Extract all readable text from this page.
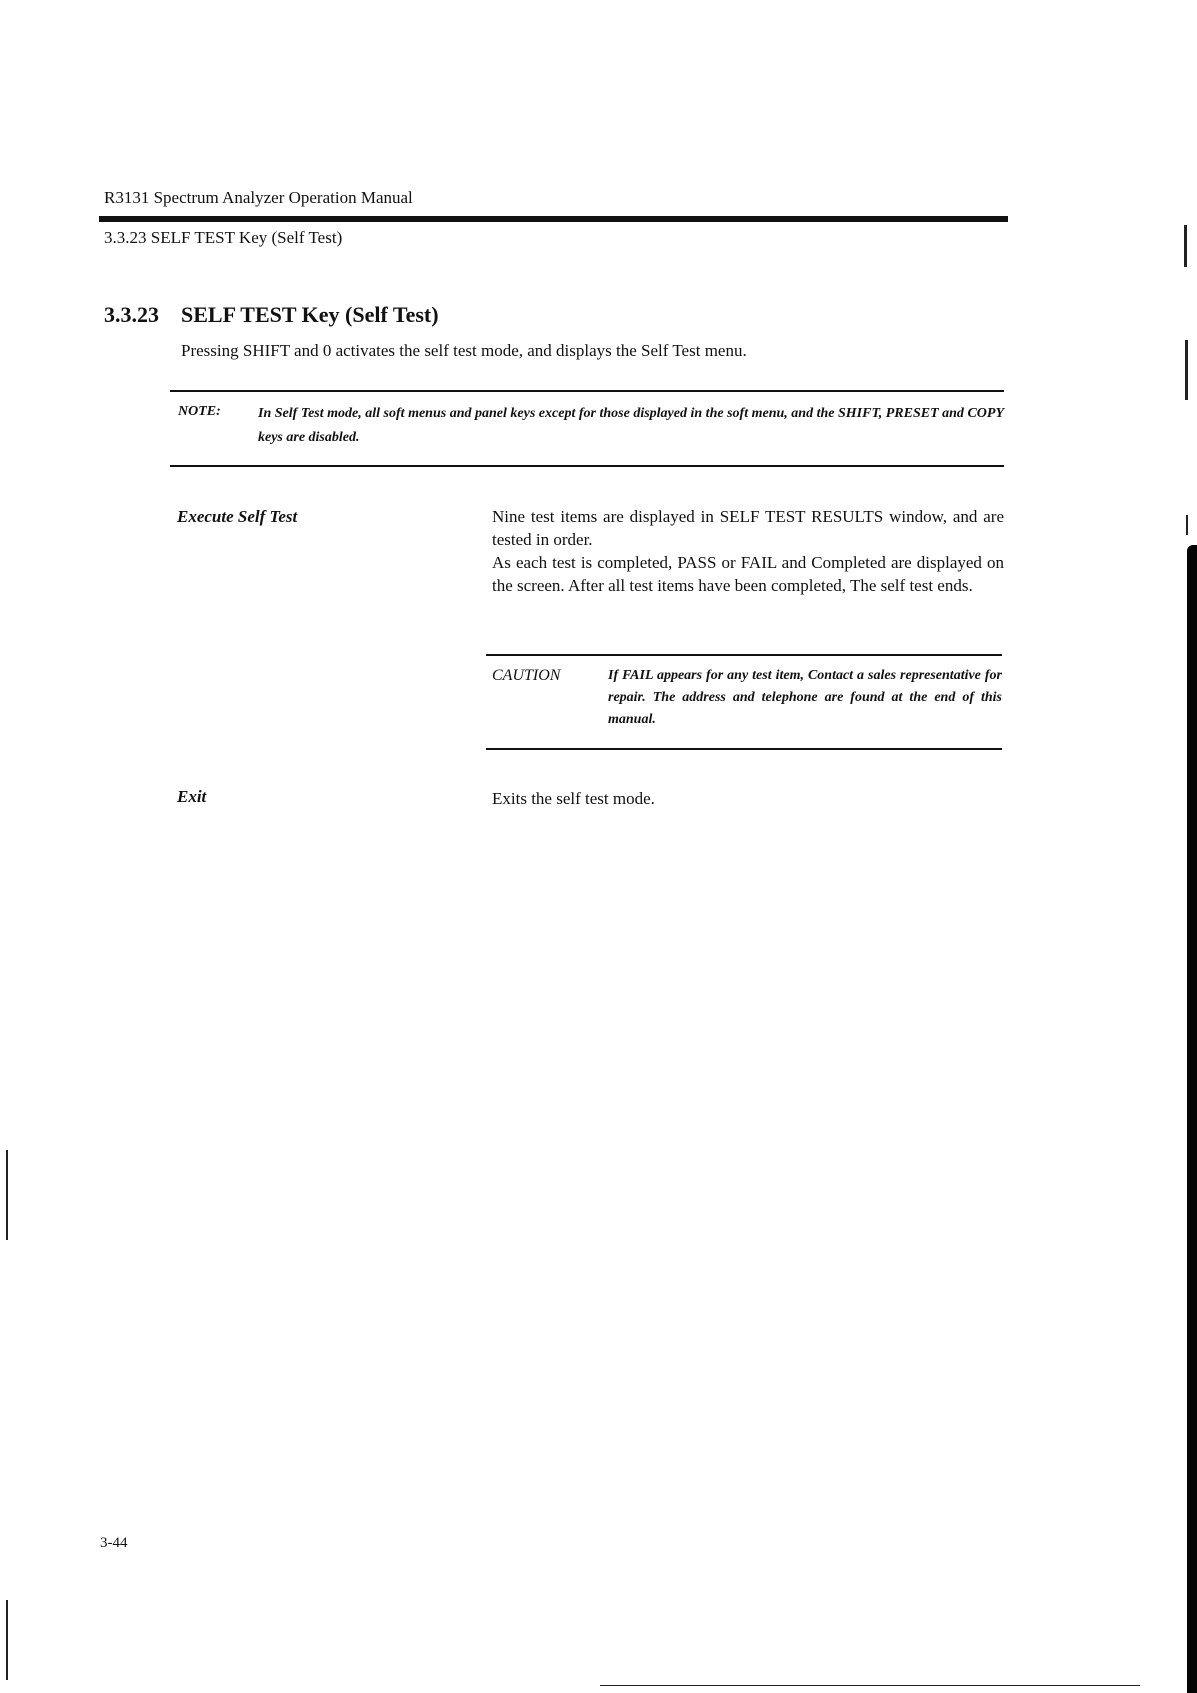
R3131 Spectrum Analyzer Operation Manual
3.3.23 SELF TEST Key (Self Test)
3.3.23 SELF TEST Key (Self Test)
Pressing SHIFT and 0 activates the self test mode, and displays the Self Test menu.
NOTE:	In Self Test mode, all soft menus and panel keys except for those displayed in the soft menu, and the SHIFT, PRESET and COPY keys are disabled.
Execute Self Test	Nine test items are displayed in SELF TEST RESULTS window, and are tested in order.

As each test is completed, PASS or FAIL and Completed are displayed on the screen. After all test items have been completed, The self test ends.

CAUTION	If FAIL appears for any test item, Contact a sales representative for repair. The address and telephone are found at the end of this manual.
Exit	Exits the self test mode.
3-44
